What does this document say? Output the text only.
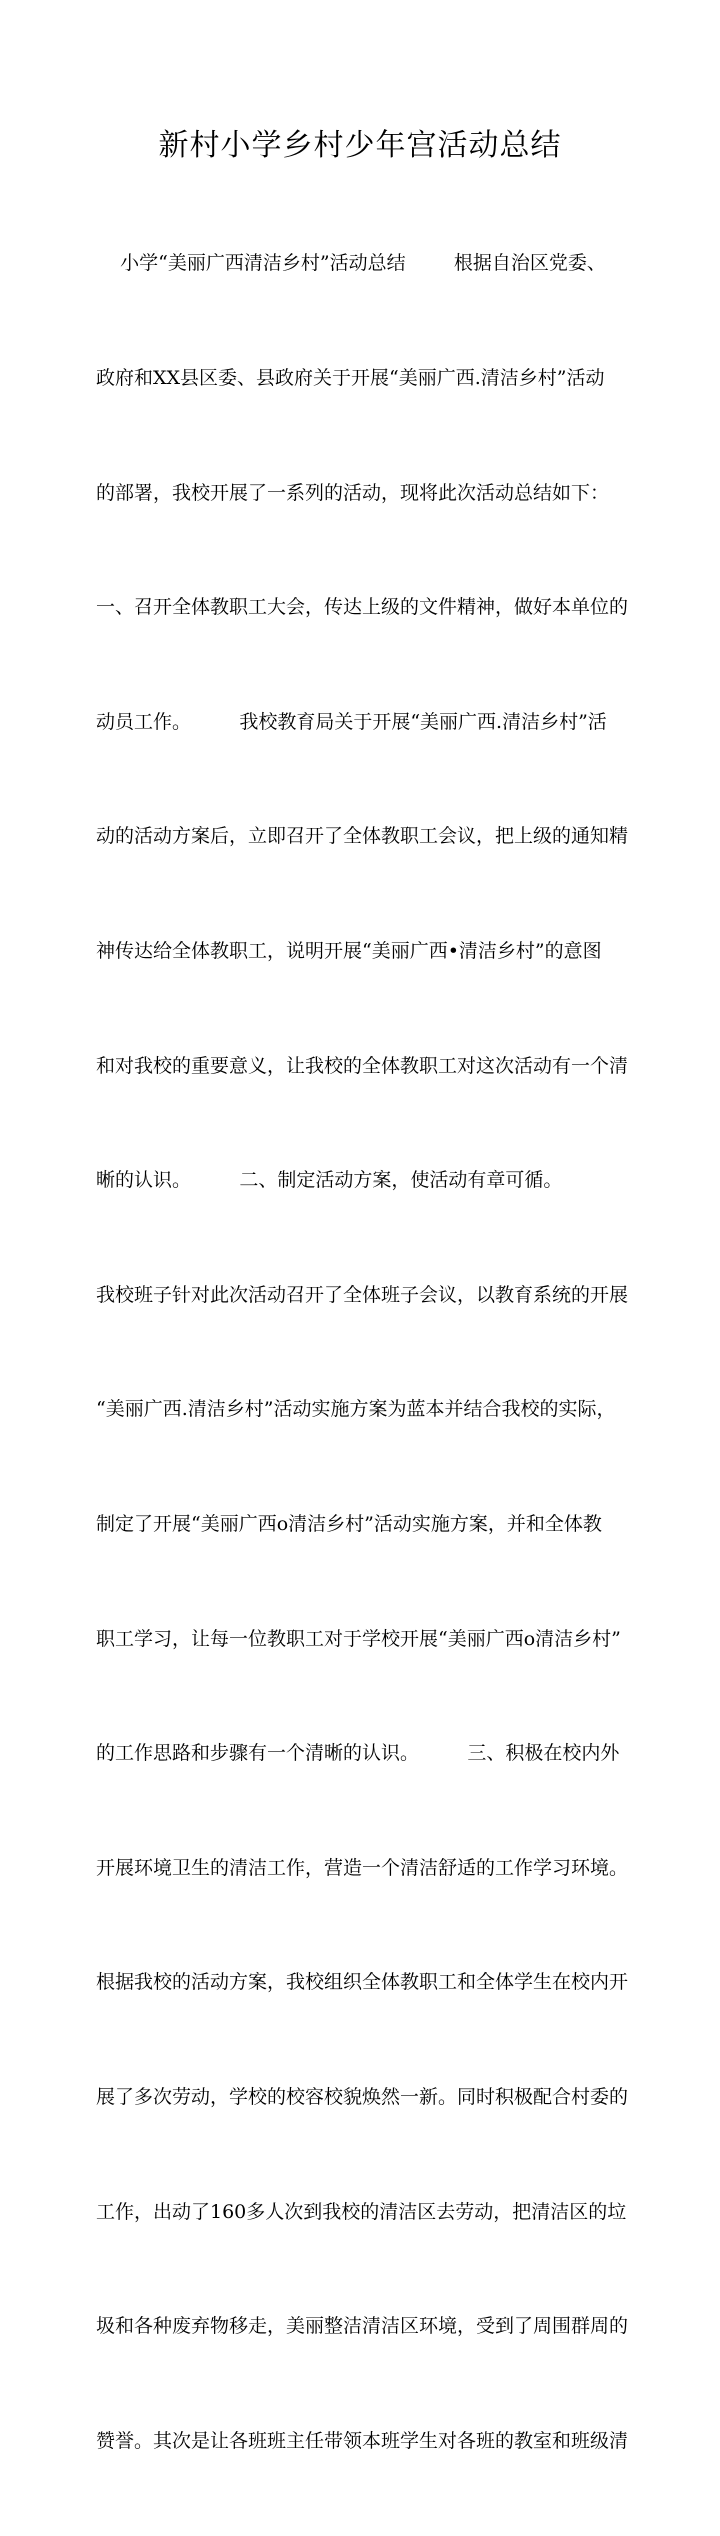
新村小学乡村少年宫活动总结

小学“美丽广西清洁乡村”活动总结        根据自治区党委、

政府和XX县区委、县政府关于开展“美丽广西.清洁乡村”活动

的部署，我校开展了一系列的活动，现将此次活动总结如下：

一、召开全体教职工大会，传达上级的文件精神，做好本单位的

动员工作。        我校教育局关于开展“美丽广西.清洁乡村”活

动的活动方案后，立即召开了全体教职工会议，把上级的通知精

神传达给全体教职工，说明开展“美丽广西•清洁乡村”的意图

和对我校的重要意义，让我校的全体教职工对这次活动有一个清

晰的认识。        二、制定活动方案，使活动有章可循。

我校班子针对此次活动召开了全体班子会议，以教育系统的开展

“美丽广西.清洁乡村”活动实施方案为蓝本并结合我校的实际，

制定了开展“美丽广西ο清洁乡村”活动实施方案，并和全体教

职工学习，让每一位教职工对于学校开展“美丽广西ο清洁乡村”

的工作思路和步骤有一个清晰的认识。        三、积极在校内外

开展环境卫生的清洁工作，营造一个清洁舒适的工作学习环境。

根据我校的活动方案，我校组织全体教职工和全体学生在校内开

展了多次劳动，学校的校容校貌焕然一新。同时积极配合村委的

工作，出动了160多人次到我校的清洁区去劳动，把清洁区的垃

圾和各种废弃物移走，美丽整洁清洁区环境，受到了周围群周的

赞誉。其次是让各班班主任带领本班学生对各班的教室和班级清
